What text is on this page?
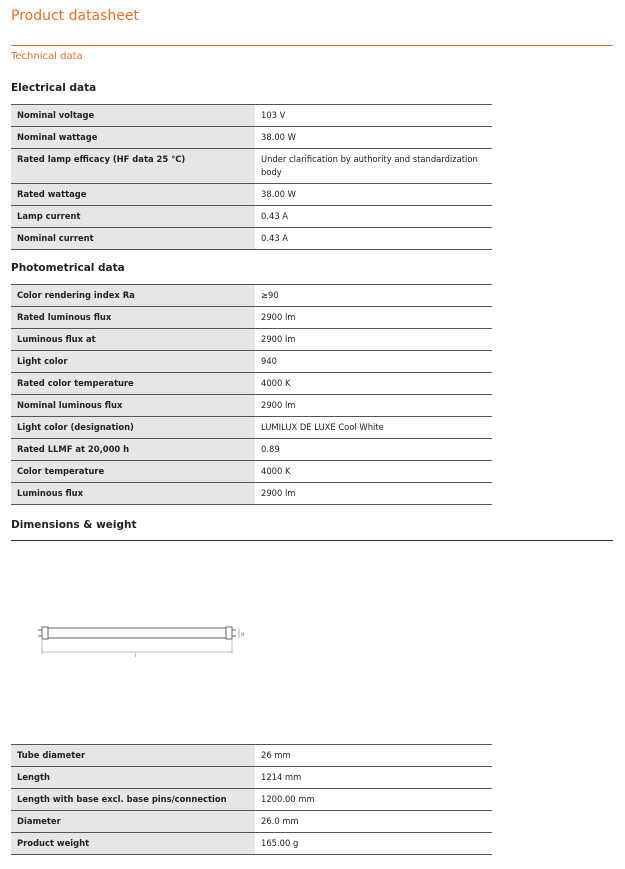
Product datasheet
Technical data
Electrical data
Nominal voltage	103 V
Nominal wattage	38.00 W
Rated lamp efficacy (HF data 25 °C)	Under clarification by authority and standardization body
Rated wattage	38.00 W
Lamp current	0.43 A
Nominal current	0.43 A
Photometrical data
Color rendering index Ra	≥90
Rated luminous flux	2900 lm
Luminous flux at	2900 lm
Light color	940
Rated color temperature	4000 K
Nominal luminous flux	2900 lm
Light color (designation)	LUMILUX DE LUXE Cool White
Rated LLMF at 20,000 h	0.89
Color temperature	4000 K
Luminous flux	2900 lm
Dimensions & weight
d
l
Tube diameter	26 mm
Length	1214 mm
Length with base excl. base pins/connection	1200.00 mm
Diameter	26.0 mm
Product weight	165.00 g
